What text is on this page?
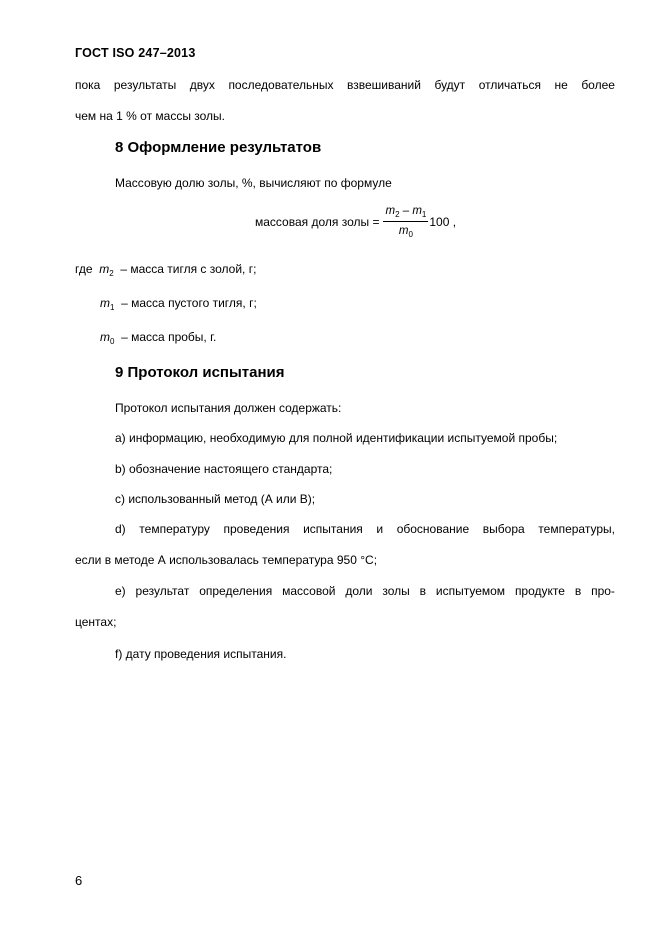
ГОСТ ISO 247–2013
пока результаты двух последовательных взвешиваний будут отличаться не более
чем на 1 % от массы золы.
8 Оформление результатов
Массовую долю золы, %, вычисляют по формуле
массовая доля золы = $\frac{m_2 - m_1}{m_0} 100$ ,
где $m_2$ – масса тигля с золой, г;
$m_1$ – масса пустого тигля, г;
$m_0$ – масса пробы, г.
9 Протокол испытания
Протокол испытания должен содержать:
a) информацию, необходимую для полной идентификации испытуемой пробы;
b) обозначение настоящего стандарта;
c) использованный метод (А или В);
d) температуру проведения испытания и обоснование выбора температуры,
если в методе А использовалась температура 950 °С;
e) результат определения массовой доли золы в испытуемом продукте в про-
центах;
f) дату проведения испытания.
6
